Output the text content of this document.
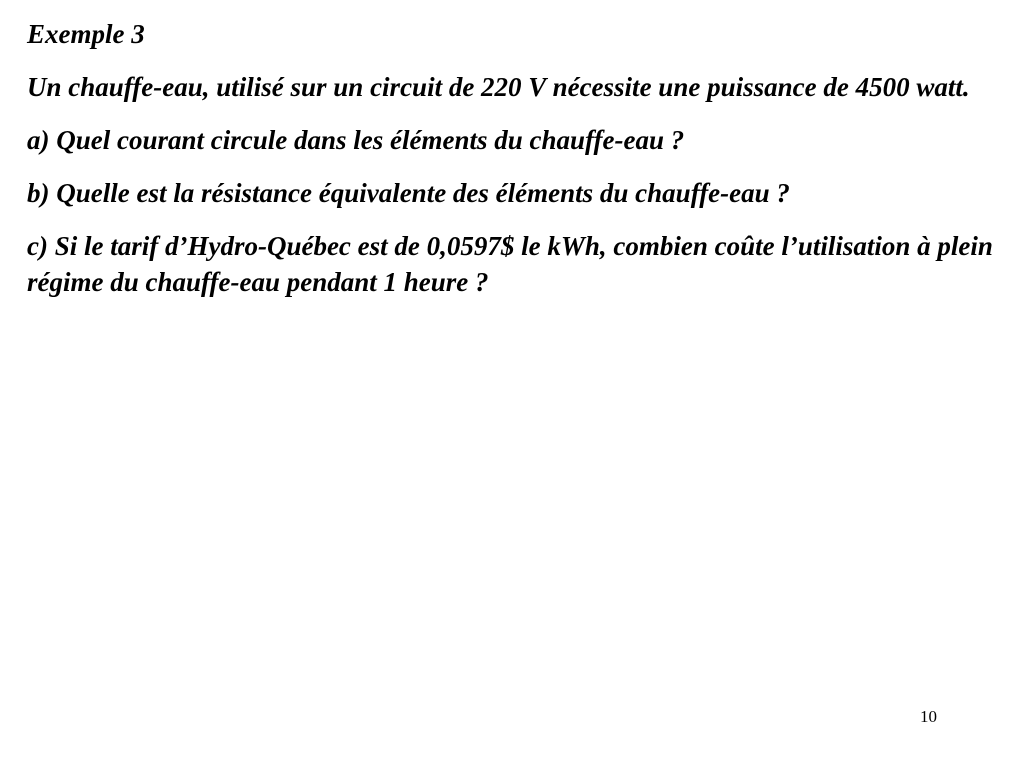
Exemple 3

Un chauffe-eau, utilisé sur un circuit de 220 V nécessite une puissance de 4500 watt.

a) Quel courant circule dans les éléments du chauffe-eau ?

b) Quelle est la résistance équivalente des éléments du chauffe-eau ?

c) Si le tarif d’Hydro-Québec est de 0,0597$ le kWh, combien coûte l’utilisation à plein régime du chauffe-eau pendant 1 heure ?

10
